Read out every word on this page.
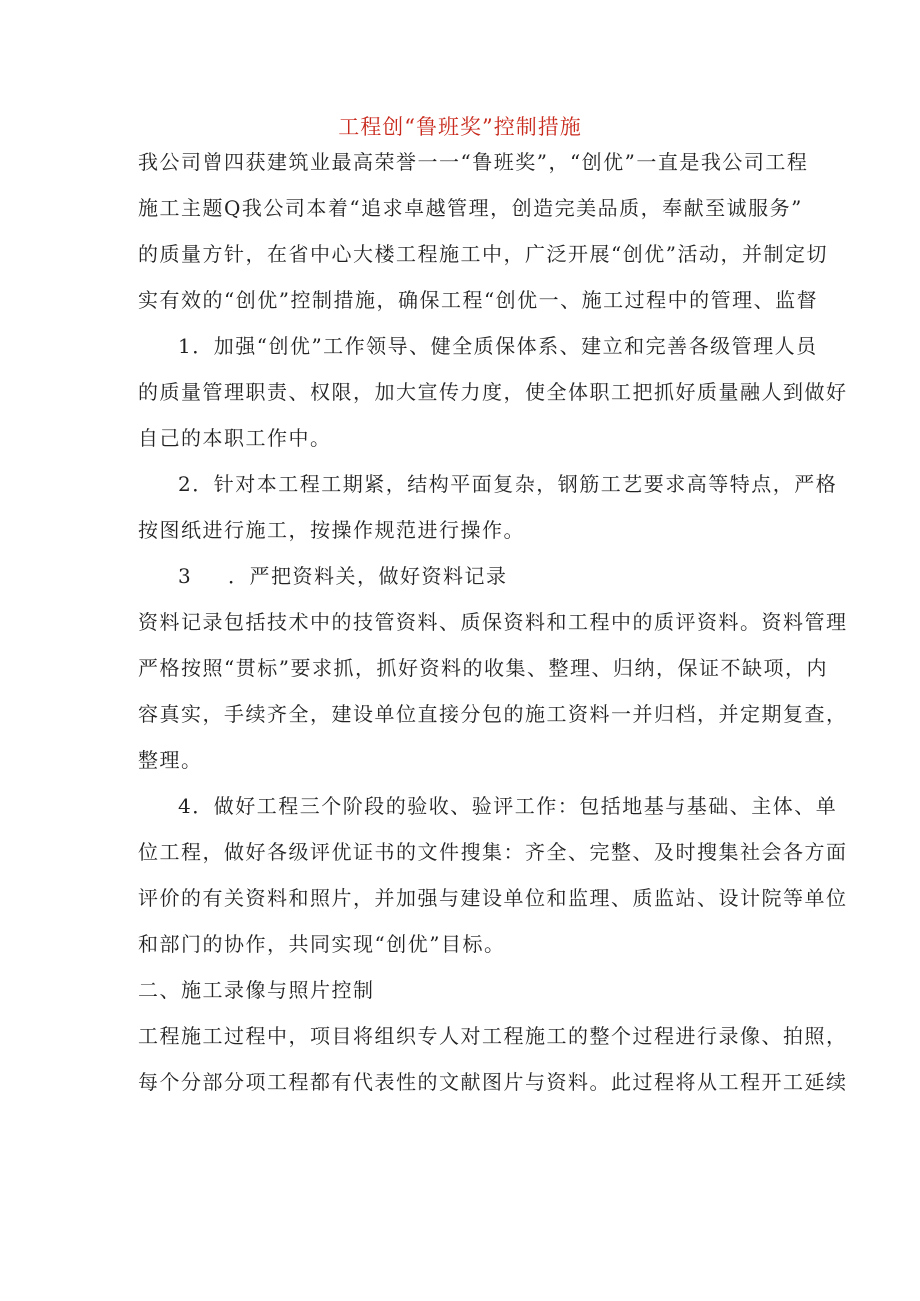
工程创“鲁班奖”控制措施
我公司曾四获建筑业最高荣誉一一“鲁班奖”，“创优”一直是我公司工程
施工主题Q我公司本着“追求卓越管理，创造完美品质，奉献至诚服务”
的质量方针，在省中心大楼工程施工中，广泛开展“创优”活动，并制定切
实有效的“创优”控制措施，确保工程“创优一、施工过程中的管理、监督
1．加强“创优”工作领导、健全质保体系、建立和完善各级管理人员
的质量管理职责、权限，加大宣传力度，使全体职工把抓好质量融人到做好
自己的本职工作中。
2．针对本工程工期紧，结构平面复杂，钢筋工艺要求高等特点，严格
按图纸进行施工，按操作规范进行操作。
3	．严把资料关，做好资料记录
资料记录包括技术中的技管资料、质保资料和工程中的质评资料。资料管理
严格按照“贯标”要求抓，抓好资料的收集、整理、归纳，保证不缺项，内
容真实，手续齐全，建设单位直接分包的施工资料一并归档，并定期复查，
整理。
4．做好工程三个阶段的验收、验评工作：包括地基与基础、主体、单
位工程，做好各级评优证书的文件搜集：齐全、完整、及时搜集社会各方面
评价的有关资料和照片，并加强与建设单位和监理、质监站、设计院等单位
和部门的协作，共同实现“创优”目标。
二、施工录像与照片控制
工程施工过程中，项目将组织专人对工程施工的整个过程进行录像、拍照，
每个分部分项工程都有代表性的文献图片与资料。此过程将从工程开工延续
